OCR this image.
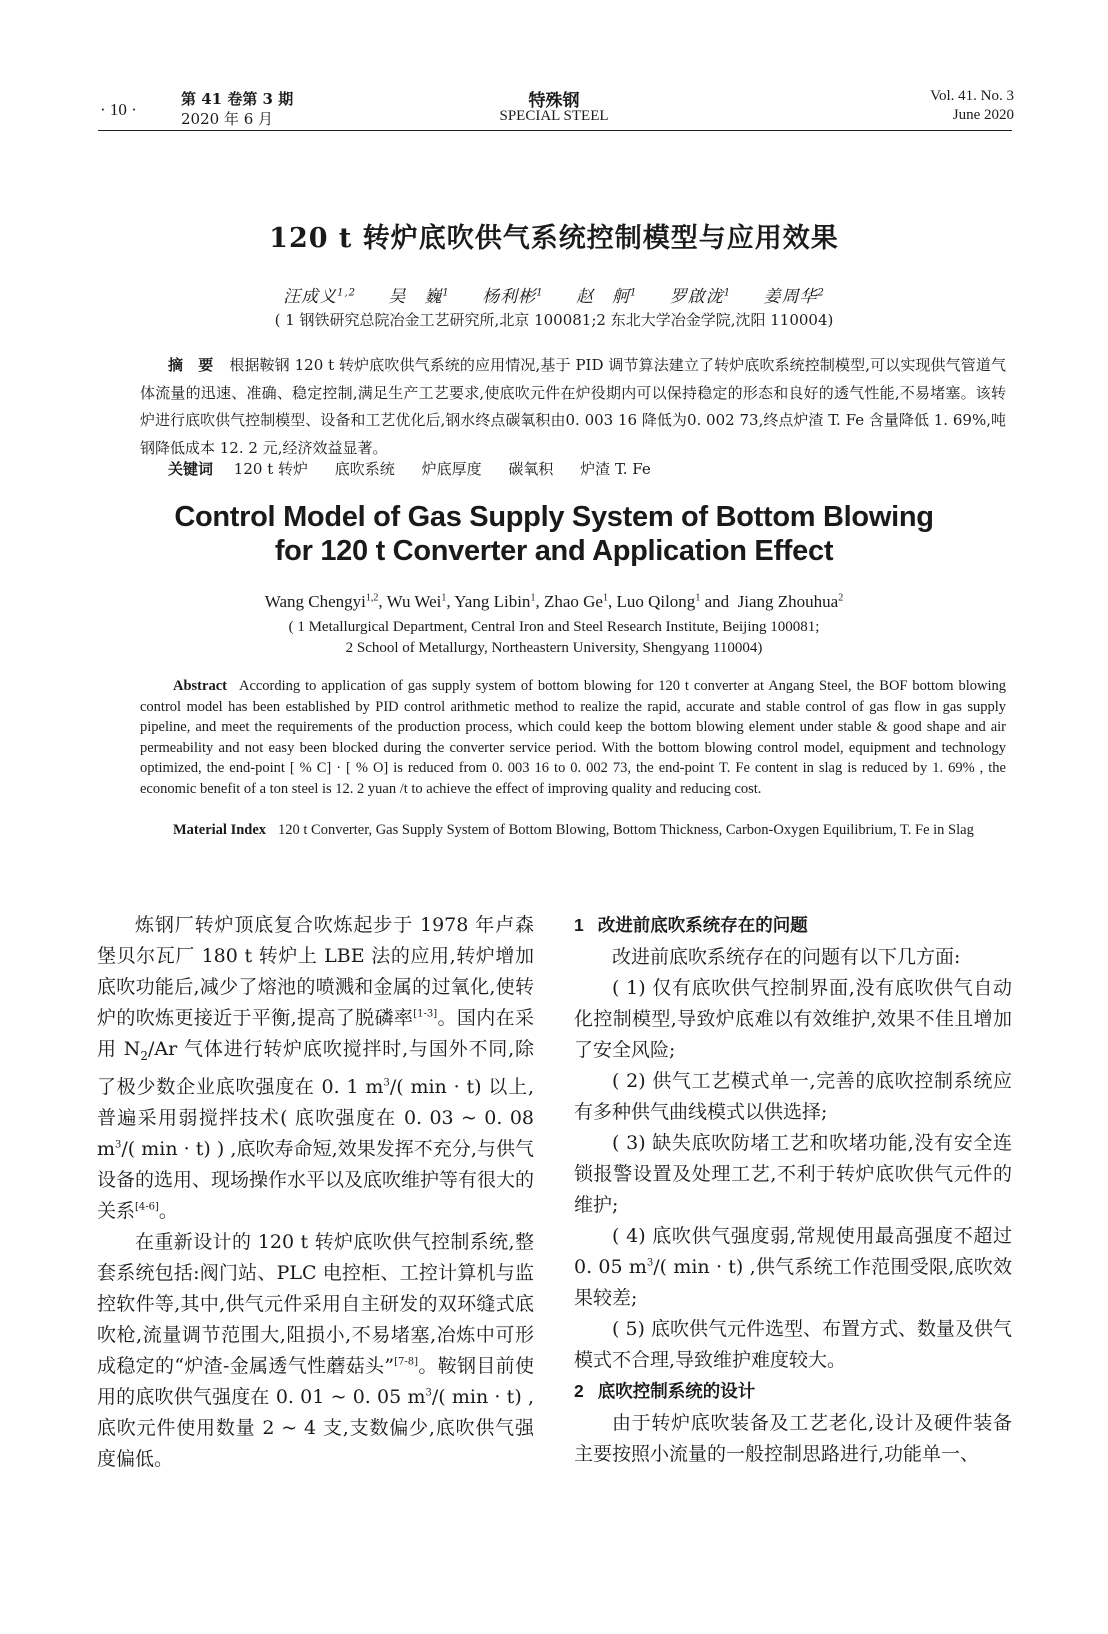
· 10 ·
第 41 卷第 3 期
2020 年 6 月
特殊钢
SPECIAL STEEL
Vol. 41. No. 3
June 2020
120 t 转炉底吹供气系统控制模型与应用效果
汪成义$^{1,2}$ 吴　巍$^1$ 杨利彬$^1$ 赵　舸$^1$ 罗啟泷$^1$ 姜周华$^2$
( 1 钢铁研究总院冶金工艺研究所,北京 100081;2 东北大学冶金学院,沈阳 110004)
摘　要 根据鞍钢 120 t 转炉底吹供气系统的应用情况,基于 PID 调节算法建立了转炉底吹系统控制模型,可以实现供气管道气体流量的迅速、准确、稳定控制,满足生产工艺要求,使底吹元件在炉役期内可以保持稳定的形态和良好的透气性能,不易堵塞。该转炉进行底吹供气控制模型、设备和工艺优化后,钢水终点碳氧积由0. 003 16 降低为0. 002 73,终点炉渣 T. Fe 含量降低 1. 69%,吨钢降低成本 12. 2 元,经济效益显著。
关键词 120 t 转炉 底吹系统 炉底厚度 碳氧积 炉渣 T. Fe
Control Model of Gas Supply System of Bottom Blowing
for 120 t Converter and Application Effect
Wang Chengyi$^{1,2}$, Wu Wei$^1$, Yang Libin$^1$, Zhao Ge$^1$, Luo Qilong$^1$ and  Jiang Zhouhua$^2$
( 1 Metallurgical Department, Central Iron and Steel Research Institute, Beijing 100081;
2 School of Metallurgy, Northeastern University, Shengyang 110004)
Abstract According to application of gas supply system of bottom blowing for 120 t converter at Angang Steel, the BOF bottom blowing control model has been established by PID control arithmetic method to realize the rapid, accurate and stable control of gas flow in gas supply pipeline, and meet the requirements of the production process, which could keep the bottom blowing element under stable & good shape and air permeability and not easy been blocked during the converter service period. With the bottom blowing control model, equipment and technology optimized, the end-point [ % C] · [ % O] is reduced from 0. 003 16 to 0. 002 73, the end-point T. Fe content in slag is reduced by 1. 69% , the economic benefit of a ton steel is 12. 2 yuan /t to achieve the effect of improving quality and reducing cost.
Material Index 120 t Converter, Gas Supply System of Bottom Blowing, Bottom Thickness, Carbon-Oxygen Equilibrium, T. Fe in Slag

炼钢厂转炉顶底复合吹炼起步于 1978 年卢森堡贝尔瓦厂 180 t 转炉上 LBE 法的应用,转炉增加底吹功能后,减少了熔池的喷溅和金属的过氧化,使转炉的吹炼更接近于平衡,提高了脱磷率[1-3]。国内在采用 $N_2/Ar$ 气体进行转炉底吹搅拌时,与国外不同,除了极少数企业底吹强度在 0. 1 $m^3/$( min · t) 以上,普遍采用弱搅拌技术( 底吹强度在 0. 03 ~ 0. 08 $m^3/$( min · t) ) ,底吹寿命短,效果发挥不充分,与供气设备的选用、现场操作水平以及底吹维护等有很大的关系[4-6]。

在重新设计的 120 t 转炉底吹供气控制系统,整套系统包括:阀门站、PLC 电控柜、工控计算机与监控软件等,其中,供气元件采用自主研发的双环缝式底吹枪,流量调节范围大,阻损小,不易堵塞,冶炼中可形成稳定的“炉渣-金属透气性蘑菇头”[7-8]。鞍钢目前使用的底吹供气强度在 0. 01 ~ 0. 05 $m^3/$( min · t) ,底吹元件使用数量 2 ~ 4 支,支数偏少,底吹供气强度偏低。

1 改进前底吹系统存在的问题

改进前底吹系统存在的问题有以下几方面:

( 1) 仅有底吹供气控制界面,没有底吹供气自动化控制模型,导致炉底难以有效维护,效果不佳且增加了安全风险;

( 2) 供气工艺模式单一,完善的底吹控制系统应有多种供气曲线模式以供选择;

( 3) 缺失底吹防堵工艺和吹堵功能,没有安全连锁报警设置及处理工艺,不利于转炉底吹供气元件的维护;

( 4) 底吹供气强度弱,常规使用最高强度不超过0. 05 $m^3/$( min · t) ,供气系统工作范围受限,底吹效果较差;

( 5) 底吹供气元件选型、布置方式、数量及供气模式不合理,导致维护难度较大。

2 底吹控制系统的设计

由于转炉底吹装备及工艺老化,设计及硬件装备主要按照小流量的一般控制思路进行,功能单一、
